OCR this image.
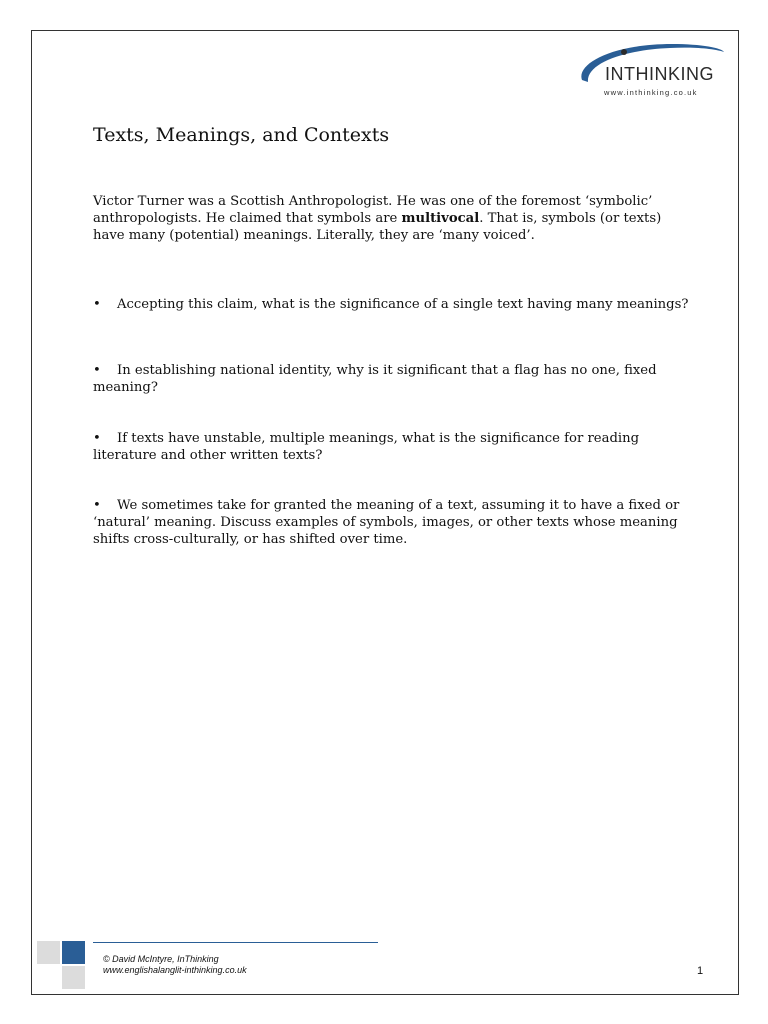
INTHINKING
www.inthinking.co.uk
Texts, Meanings, and Contexts

Victor Turner was a Scottish Anthropologist. He was one of the foremost ‘symbolic’ anthropologists. He claimed that symbols are multivocal. That is, symbols (or texts) have many (potential) meanings. Literally, they are ‘many voiced’.

• Accepting this claim, what is the significance of a single text having many meanings?

• In establishing national identity, why is it significant that a flag has no one, fixed meaning?

• If texts have unstable, multiple meanings, what is the significance for reading literature and other written texts?

• We sometimes take for granted the meaning of a text, assuming it to have a fixed or ‘natural’ meaning. Discuss examples of symbols, images, or other texts whose meaning shifts cross-culturally, or has shifted over time.

© David McIntyre, InThinking
www.englishalanglit-inthinking.co.uk	1
